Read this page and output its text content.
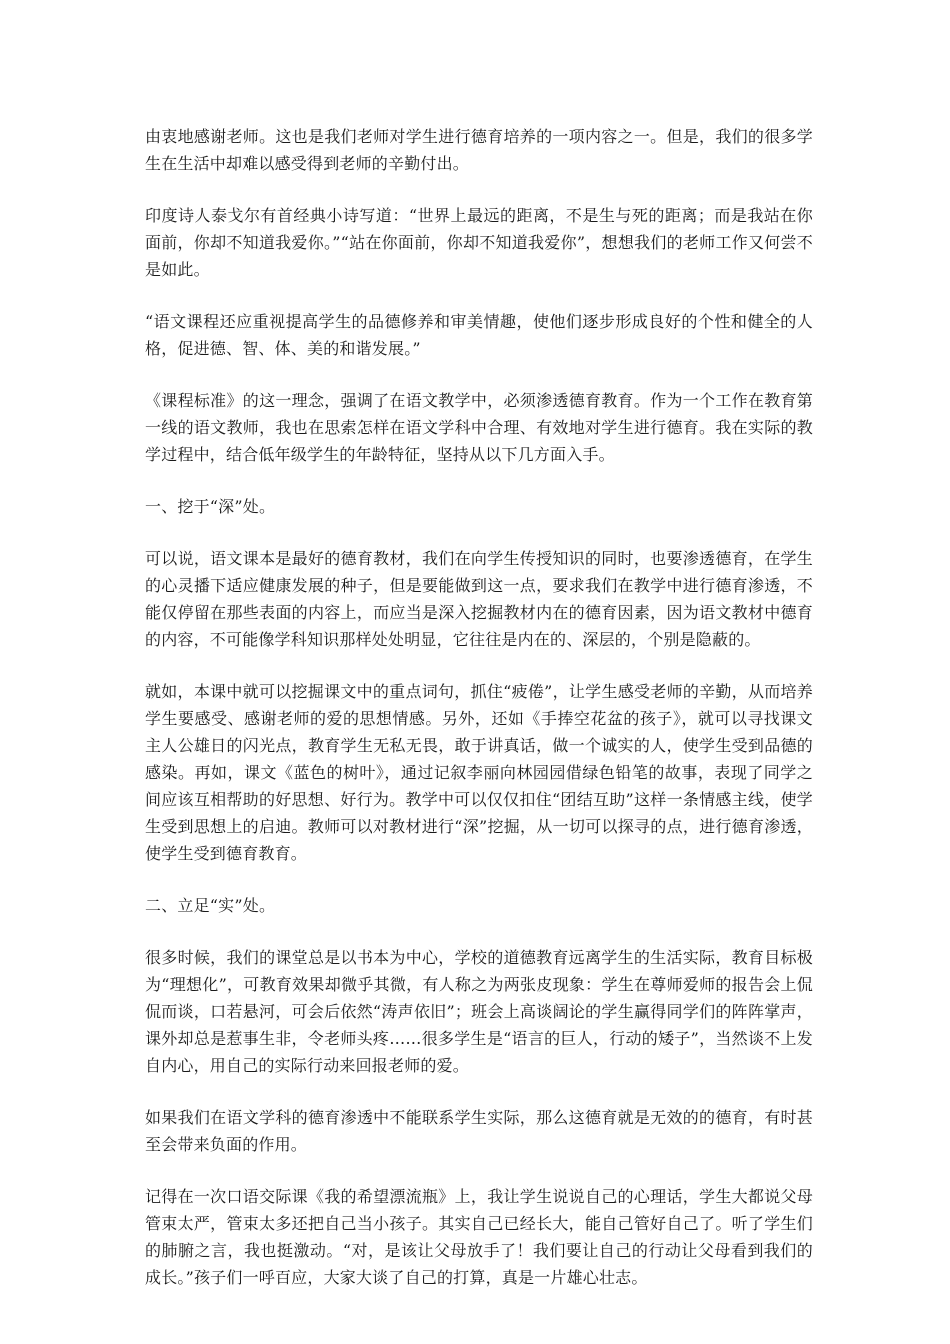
由衷地感谢老师。这也是我们老师对学生进行德育培养的一项内容之一。但是，我们的很多学生在生活中却难以感受得到老师的辛勤付出。

印度诗人泰戈尔有首经典小诗写道：“世界上最远的距离，不是生与死的距离；而是我站在你面前，你却不知道我爱你。”“站在你面前，你却不知道我爱你”，想想我们的老师工作又何尝不是如此。

“语文课程还应重视提高学生的品德修养和审美情趣，使他们逐步形成良好的个性和健全的人格，促进德、智、体、美的和谐发展。”

《课程标准》的这一理念，强调了在语文教学中，必须渗透德育教育。作为一个工作在教育第一线的语文教师，我也在思索怎样在语文学科中合理、有效地对学生进行德育。我在实际的教学过程中，结合低年级学生的年龄特征，坚持从以下几方面入手。

一、挖于“深”处。

可以说，语文课本是最好的德育教材，我们在向学生传授知识的同时，也要渗透德育，在学生的心灵播下适应健康发展的种子，但是要能做到这一点，要求我们在教学中进行德育渗透，不能仅停留在那些表面的内容上，而应当是深入挖掘教材内在的德育因素，因为语文教材中德育的内容，不可能像学科知识那样处处明显，它往往是内在的、深层的，个别是隐蔽的。

就如，本课中就可以挖掘课文中的重点词句，抓住“疲倦”，让学生感受老师的辛勤，从而培养学生要感受、感谢老师的爱的思想情感。另外，还如《手捧空花盆的孩子》，就可以寻找课文主人公雄日的闪光点，教育学生无私无畏，敢于讲真话，做一个诚实的人，使学生受到品德的感染。再如，课文《蓝色的树叶》，通过记叙李丽向林园园借绿色铅笔的故事，表现了同学之间应该互相帮助的好思想、好行为。教学中可以仅仅扣住“团结互助”这样一条情感主线，使学生受到思想上的启迪。教师可以对教材进行“深”挖掘，从一切可以探寻的点，进行德育渗透，使学生受到德育教育。

二、立足“实”处。

很多时候，我们的课堂总是以书本为中心，学校的道德教育远离学生的生活实际，教育目标极为“理想化”，可教育效果却微乎其微，有人称之为两张皮现象：学生在尊师爱师的报告会上侃侃而谈，口若悬河，可会后依然“涛声依旧”；班会上高谈阔论的学生赢得同学们的阵阵掌声，课外却总是惹事生非，令老师头疼……很多学生是“语言的巨人，行动的矮子”，当然谈不上发自内心，用自己的实际行动来回报老师的爱。

如果我们在语文学科的德育渗透中不能联系学生实际，那么这德育就是无效的的德育，有时甚至会带来负面的作用。

记得在一次口语交际课《我的希望漂流瓶》上，我让学生说说自己的心理话，学生大都说父母管束太严，管束太多还把自己当小孩子。其实自己已经长大，能自己管好自己了。听了学生们的肺腑之言，我也挺激动。“对，是该让父母放手了！我们要让自己的行动让父母看到我们的成长。”孩子们一呼百应，大家大谈了自己的打算，真是一片雄心壮志。
